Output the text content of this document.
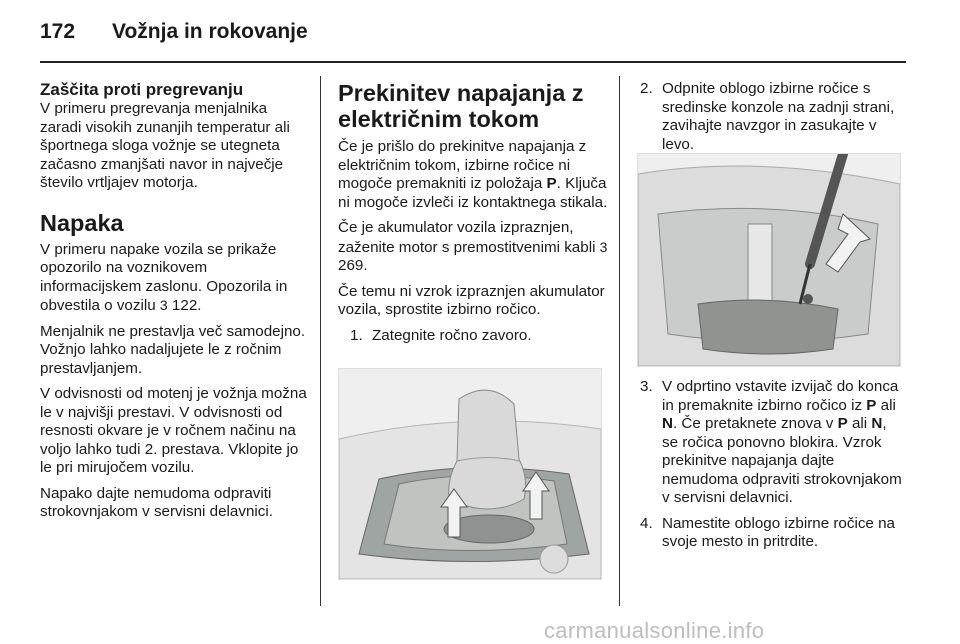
172 Vožnja in rokovanje
Zaščita proti pregrevanju

V primeru pregrevanja menjalnika zaradi visokih zunanjih temperatur ali športnega sloga vožnje se utegneta začasno zmanjšati navor in največje število vrtljajev motorja.

Napaka

V primeru napake vozila se prikaže opozorilo na voznikovem informacijskem zaslonu. Opozorila in obvestila o vozilu 3 122.

Menjalnik ne prestavlja več samodejno. Vožnjo lahko nadaljujete le z ročnim prestavljanjem.

V odvisnosti od motenj je vožnja možna le v najvišji prestavi. V odvisnosti od resnosti okvare je v ročnem načinu na voljo lahko tudi 2. prestava. Vklopite jo le pri mirujočem vozilu.

Napako dajte nemudoma odpraviti strokovnjakom v servisni delavnici.

Prekinitev napajanja z električnim tokom

Če je prišlo do prekinitve napajanja z električnim tokom, izbirne ročice ni mogoče premakniti iz položaja P. Ključa ni mogoče izvleči iz kontaktnega stikala.

Če je akumulator vozila izpraznjen, zaženite motor s premostitvenimi kabli 3 269.

Če temu ni vzrok izpraznjen akumulator vozila, sprostite izbirno ročico.

1. Zategnite ročno zavoro.

2. Odpnite oblogo izbirne ročice s sredinske konzole na zadnji strani, zavihajte navzgor in zasukajte v levo.

3. V odprtino vstavite izvijač do konca in premaknite izbirno ročico iz P ali N. Če pretaknete znova v P ali N, se ročica ponovno blokira. Vzrok prekinitve napajanja dajte nemudoma odpraviti strokovnjakom v servisni delavnici.

4. Namestite oblogo izbirne ročice na svoje mesto in pritrdite.

carmanualsonline.info
